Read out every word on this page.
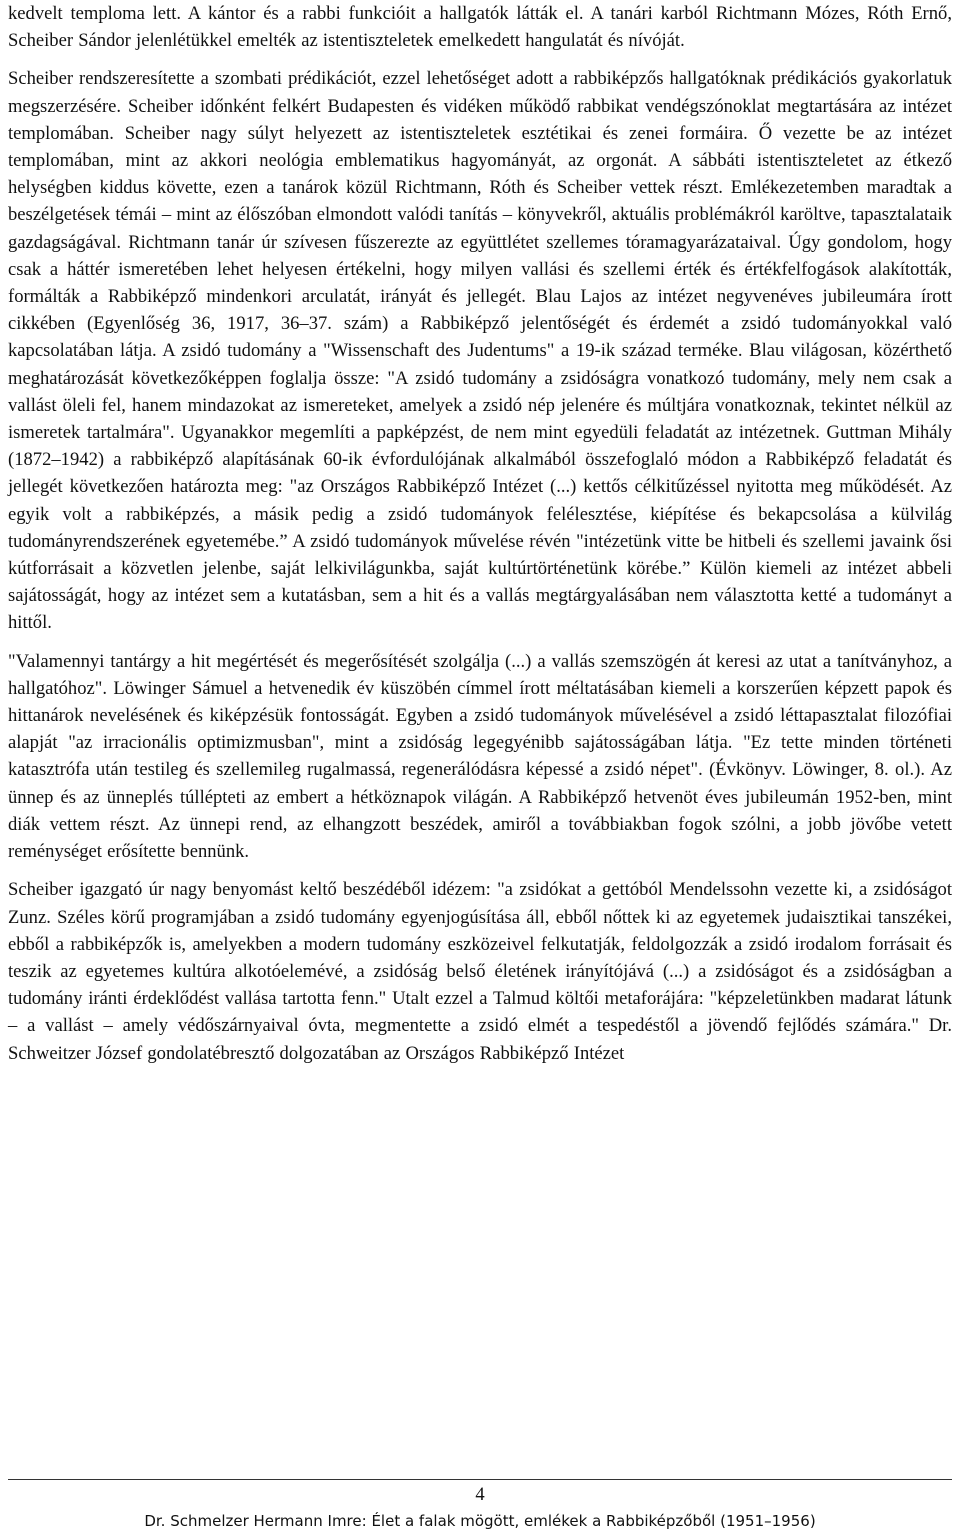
kedvelt temploma lett. A kántor és a rabbi funkcióit a hallgatók látták el. A tanári karból Richtmann Mózes, Róth Ernő, Scheiber Sándor jelenlétükkel emelték az istentiszteletek emelkedett hangulatát és nívóját.

Scheiber rendszeresítette a szombati prédikációt, ezzel lehetőséget adott a rabbiképzős hallgatóknak prédikációs gyakorlatuk megszerzésére. Scheiber időnként felkért Budapesten és vidéken működő rabbikat vendégszónoklat megtartására az intézet templomában. Scheiber nagy súlyt helyezett az istentiszteletek esztétikai és zenei formáira. Ő vezette be az intézet templomában, mint az akkori neológia emblematikus hagyományát, az orgonát. A sábbáti istentiszteletet az étkező helységben kiddus követte, ezen a tanárok közül Richtmann, Róth és Scheiber vettek részt. Emlékezetemben maradtak a beszélgetések témái – mint az élőszóban elmondott valódi tanítás – könyvekről, aktuális problémákról karöltve, tapasztalataik gazdagságával. Richtmann tanár úr szívesen fűszerezte az együttlétet szellemes tóramagyarázataival. Úgy gondolom, hogy csak a háttér ismeretében lehet helyesen értékelni, hogy milyen vallási és szellemi érték és értékfelfogások alakították, formálták a Rabbiképző mindenkori arculatát, irányát és jellegét. Blau Lajos az intézet negyvenéves jubileumára írott cikkében (Egyenlőség 36, 1917, 36–37. szám) a Rabbiképző jelentőségét és érdemét a zsidó tudományokkal való kapcsolatában látja. A zsidó tudomány a "Wissenschaft des Judentums" a 19-ik század terméke. Blau világosan, közérthető meghatározását következőképpen foglalja össze: "A zsidó tudomány a zsidóságra vonatkozó tudomány, mely nem csak a vallást öleli fel, hanem mindazokat az ismereteket, amelyek a zsidó nép jelenére és múltjára vonatkoznak, tekintet nélkül az ismeretek tartalmára". Ugyanakkor megemlíti a papképzést, de nem mint egyedüli feladatát az intézetnek. Guttman Mihály (1872–1942) a rabbiképző alapításának 60-ik évfordulójának alkalmából összefoglaló módon a Rabbiképző feladatát és jellegét következően határozta meg: "az Országos Rabbiképző Intézet (...) kettős célkitűzéssel nyitotta meg működését. Az egyik volt a rabbiképzés, a másik pedig a zsidó tudományok felélesztése, kiépítése és bekapcsolása a külvilág tudományrendszerének egyetemébe.” A zsidó tudományok művelése révén "intézetünk vitte be hitbeli és szellemi javaink ősi kútforrásait a közvetlen jelenbe, saját lelkivilágunkba, saját kultúrtörténetünk körébe.” Külön kiemeli az intézet abbeli sajátosságát, hogy az intézet sem a kutatásban, sem a hit és a vallás megtárgyalásában nem választotta ketté a tudományt a hittől.

"Valamennyi tantárgy a hit megértését és megerősítését szolgálja (...) a vallás szemszögén át keresi az utat a tanítványhoz, a hallgatóhoz". Löwinger Sámuel a hetvenedik év küszöbén címmel írott méltatásában kiemeli a korszerűen képzett papok és hittanárok nevelésének és kiképzésük fontosságát. Egyben a zsidó tudományok művelésével a zsidó léttapasztalat filozófiai alapját "az irracionális optimizmusban", mint a zsidóság legegyénibb sajátosságában látja. "Ez tette minden történeti katasztrófa után testileg és szellemileg rugalmassá, regenerálódásra képessé a zsidó népet". (Évkönyv. Löwinger, 8. ol.). Az ünnep és az ünneplés túllépteti az embert a hétköznapok világán. A Rabbiképző hetvenöt éves jubileumán 1952-ben, mint diák vettem részt. Az ünnepi rend, az elhangzott beszédek, amiről a továbbiakban fogok szólni, a jobb jövőbe vetett reménységet erősítette bennünk.

Scheiber igazgató úr nagy benyomást keltő beszédéből idézem: "a zsidókat a gettóból Mendelssohn vezette ki, a zsidóságot Zunz. Széles körű programjában a zsidó tudomány egyenjogúsítása áll, ebből nőttek ki az egyetemek judaisztikai tanszékei, ebből a rabbiképzők is, amelyekben a modern tudomány eszközeivel felkutatják, feldolgozzák a zsidó irodalom forrásait és teszik az egyetemes kultúra alkotóelemévé, a zsidóság belső életének irányítójává (...) a zsidóságot és a zsidóságban a tudomány iránti érdeklődést vallása tartotta fenn." Utalt ezzel a Talmud költői metaforájára: "képzeletünkben madarat látunk – a vallást – amely védőszárnyaival óvta, megmentette a zsidó elmét a tespedéstől a jövendő fejlődés számára." Dr. Schweitzer József gondolatébresztő dolgozatában az Országos Rabbiképző Intézet

4
Dr. Schmelzer Hermann Imre: Élet a falak mögött, emlékek a Rabbiképzőből (1951–1956)
